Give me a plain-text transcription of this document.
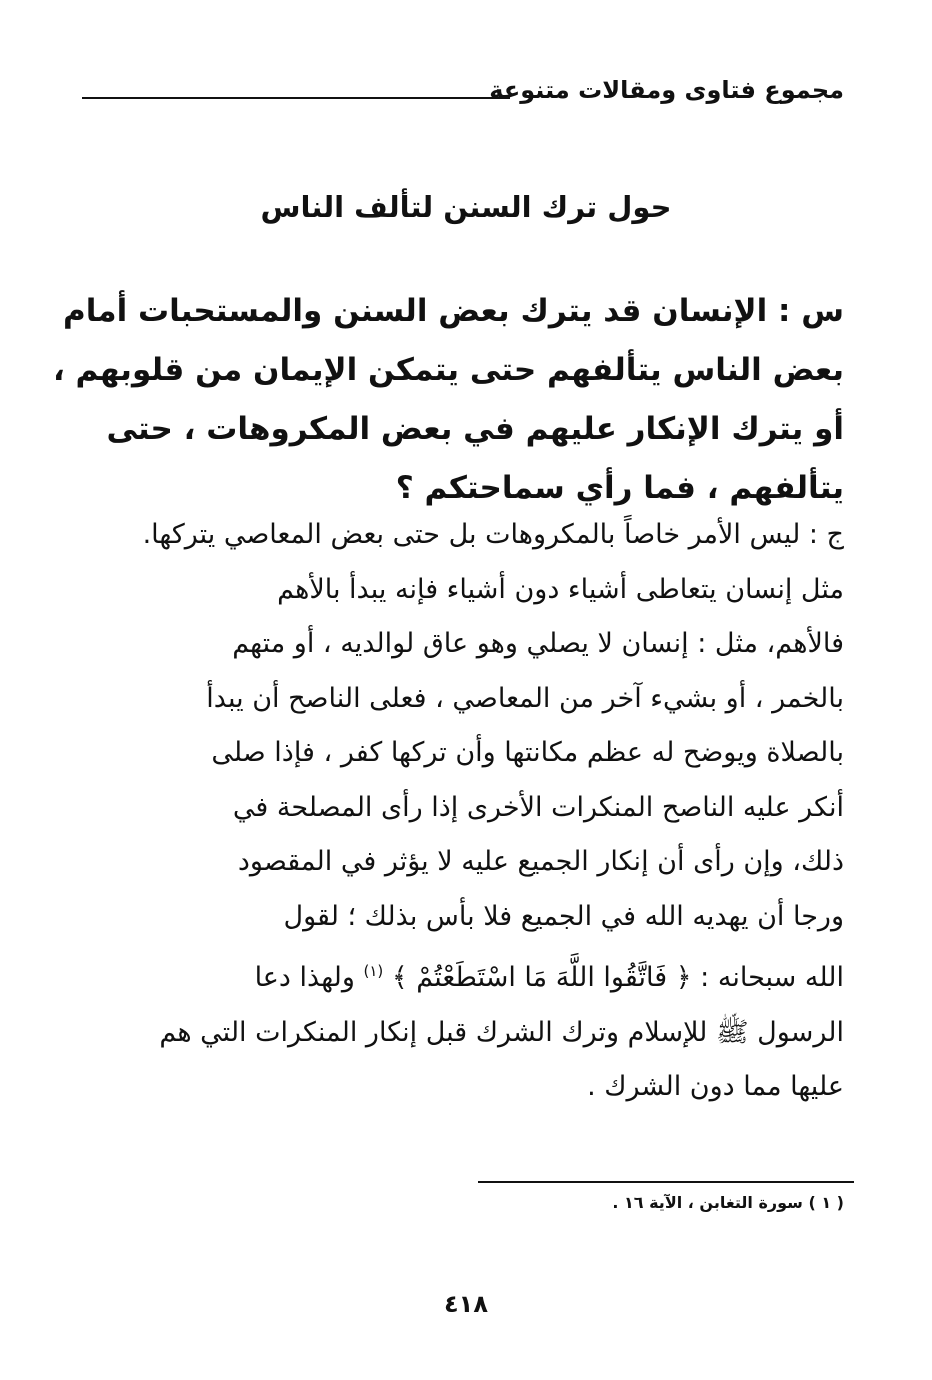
مجموع فتاوى ومقالات متنوعة
حول ترك السنن لتألف الناس
س : الإنسان قد يترك بعض السنن والمستحبات أمام
بعض الناس يتألفهم حتى يتمكن الإيمان من قلوبهم ،
أو يترك الإنكار عليهم في بعض المكروهات ، حتى
يتألفهم ، فما رأي سماحتكم ؟
ج : ليس الأمر خاصاً بالمكروهات بل حتى بعض المعاصي يتركها.
مثل إنسان يتعاطى أشياء دون أشياء فإنه يبدأ بالأهم
فالأهم، مثل : إنسان لا يصلي وهو عاق لوالديه ، أو متهم
بالخمر ، أو بشيء آخر من المعاصي ، فعلى الناصح أن يبدأ
بالصلاة ويوضح له عظم مكانتها وأن تركها كفر ، فإذا صلى
أنكر عليه الناصح المنكرات الأخرى إذا رأى المصلحة في
ذلك، وإن رأى أن إنكار الجميع عليه لا يؤثر في المقصود
ورجا أن يهديه الله في الجميع فلا بأس بذلك ؛ لقول
الله سبحانه : ﴿ فَاتَّقُوا اللَّهَ مَا اسْتَطَعْتُمْ ﴾ $^{(١)}$ ولهذا دعا
الرسول ﷺ للإسلام وترك الشرك قبل إنكار المنكرات التي هم
عليها مما دون الشرك .
( ١ ) سورة التغابن ، الآية ١٦ .
٤١٨
